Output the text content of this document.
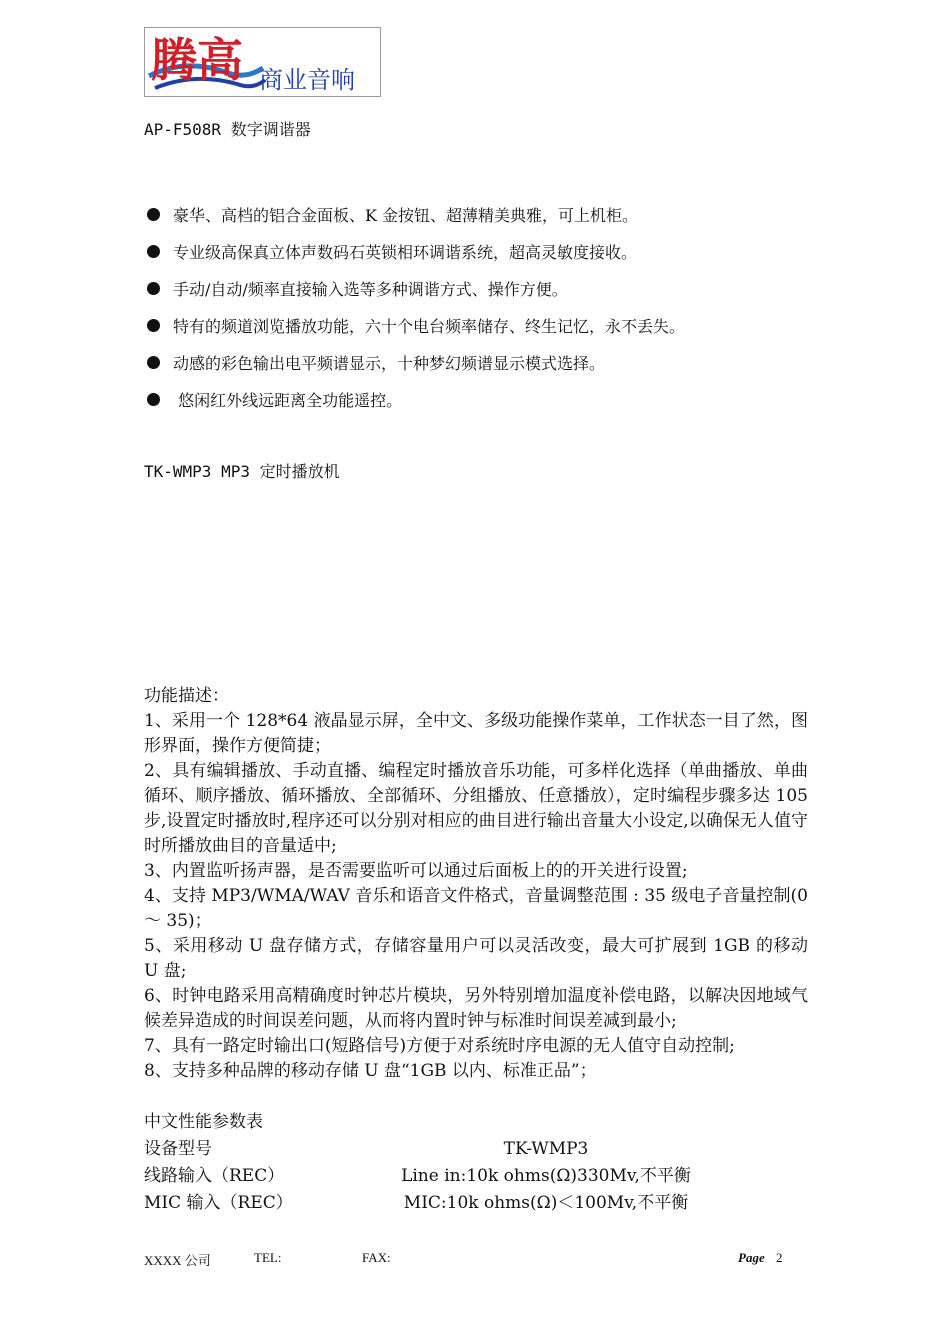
腾高 商业音响
AP-F508R 数字调谐器
豪华、高档的铝合金面板、K 金按钮、超薄精美典雅，可上机柜。
专业级高保真立体声数码石英锁相环调谐系统，超高灵敏度接收。
手动/自动/频率直接输入选等多种调谐方式、操作方便。
特有的频道浏览播放功能，六十个电台频率储存、终生记忆，永不丢失。
动感的彩色输出电平频谱显示，十种梦幻频谱显示模式选择。
悠闲红外线远距离全功能遥控。
TK-WMP3 MP3 定时播放机

功能描述：

1、采用一个 128*64 液晶显示屏，全中文、多级功能操作菜单，工作状态一目了然，图形界面，操作方便简捷；

2、具有编辑播放、手动直播、编程定时播放音乐功能，可多样化选择（单曲播放、单曲循环、顺序播放、循环播放、全部循环、分组播放、任意播放），定时编程步骤多达 105 步,设置定时播放时,程序还可以分别对相应的曲目进行输出音量大小设定,以确保无人值守时所播放曲目的音量适中;

3、内置监听扬声器，是否需要监听可以通过后面板上的的开关进行设置;

4、支持 MP3/WMA/WAV 音乐和语音文件格式，音量调整范围 : 35 级电子音量控制(0 ～ 35)；

5、采用移动 U 盘存储方式，存储容量用户可以灵活改变，最大可扩展到 1GB 的移动 U 盘;

6、时钟电路采用高精确度时钟芯片模块，另外特别增加温度补偿电路，以解决因地域气候差异造成的时间误差问题，从而将内置时钟与标准时间误差减到最小;

7、具有一路定时输出口(短路信号)方便于对系统时序电源的无人值守自动控制;

8、支持多种品牌的移动存储 U 盘“1GB 以内、标准正品”；

中文性能参数表

设备型号	TK-WMP3
线路输入（REC）	Line in:10k ohms(Ω)330Mv,不平衡
MIC 输入（REC）	MIC:10k ohms(Ω)＜100Mv,不平衡
XXXX 公司	TEL:	FAX:	Page 2
